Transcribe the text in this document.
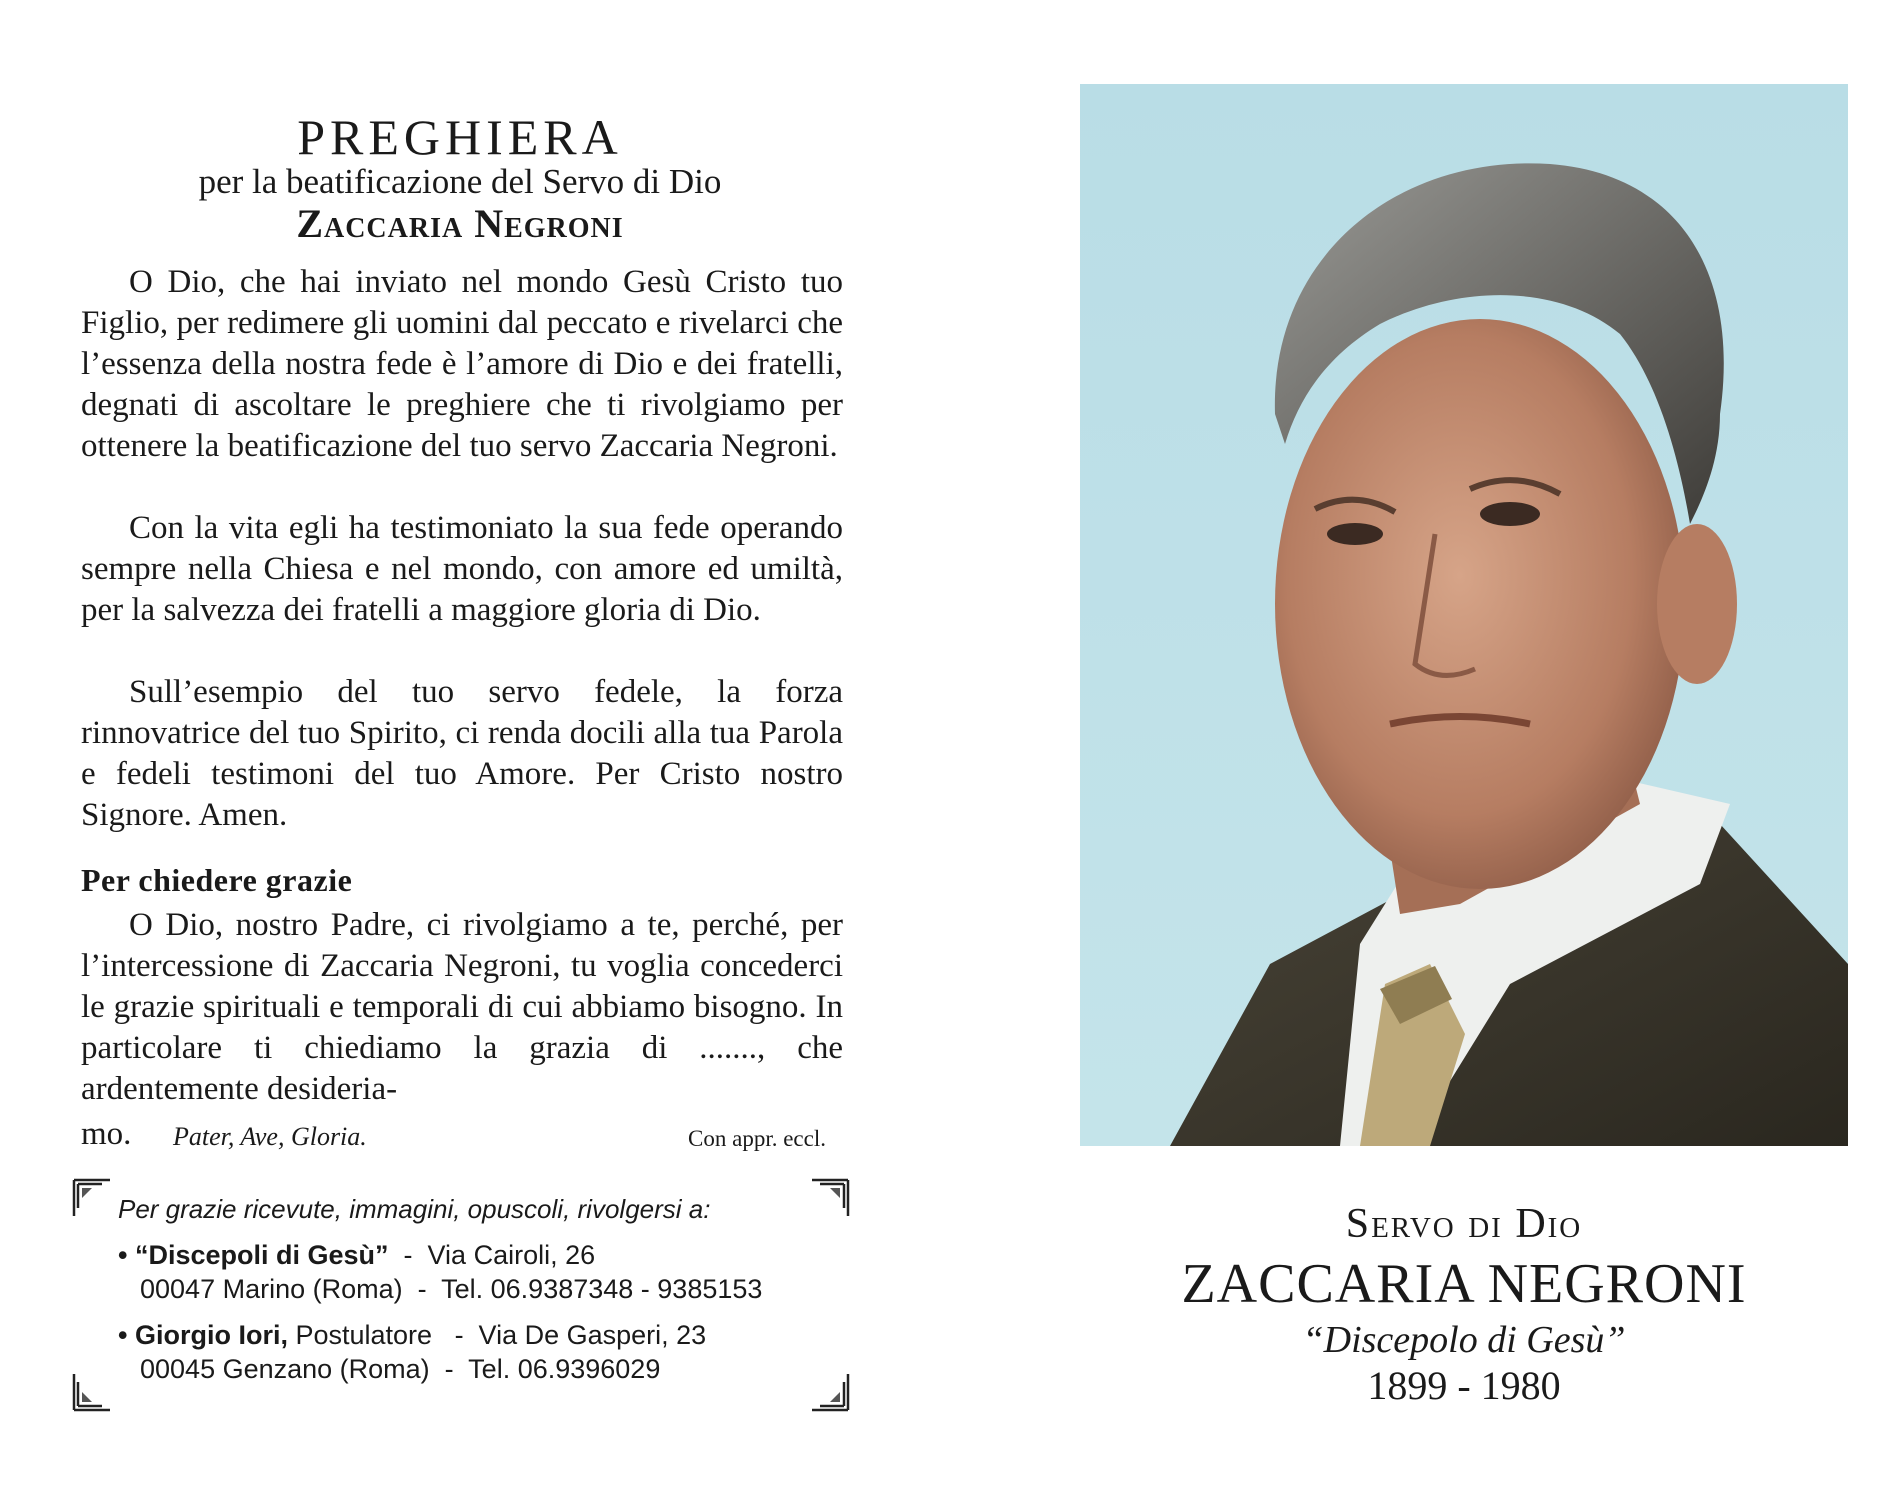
PREGHIERA
per la beatificazione del Servo di Dio
Zaccaria Negroni

O Dio, che hai inviato nel mondo Gesù Cristo tuo Figlio, per redimere gli uomini dal peccato e rivelarci che l’essenza della nostra fede è l’amore di Dio e dei fratelli, degnati di ascoltare le preghiere che ti rivolgiamo per ottenere la beatificazione del tuo servo Zaccaria Negroni.

Con la vita egli ha testimoniato la sua fede operando sempre nella Chiesa e nel mondo, con amore ed umiltà, per la salvezza dei fratelli a maggiore gloria di Dio.

Sull’esempio del tuo servo fedele, la forza rinnovatrice del tuo Spirito, ci renda docili alla tua Parola e fedeli testimoni del tuo Amore. Per Cristo nostro Signore. Amen.

Per chiedere grazie

O Dio, nostro Padre, ci rivolgiamo a te, perché, per l’intercessione di Zaccaria Negroni, tu voglia concederci le grazie spirituali e temporali di cui abbiamo bisogno. In particolare ti chiediamo la grazia di ......., che ardentemente desideria-

mo. Pater, Ave, Gloria.	Con appr. eccl.
Per grazie ricevute, immagini, opuscoli, rivolgersi a:
• “Discepoli di Gesù” -  Via Cairoli, 26
00047 Marino (Roma)  -  Tel. 06.9387348 - 9385153
• Giorgio Iori, Postulatore   -  Via De Gasperi, 23
00045 Genzano (Roma)  -  Tel. 06.9396029
Servo di Dio
ZACCARIA NEGRONI
“Discepolo di Gesù”
1899 - 1980
